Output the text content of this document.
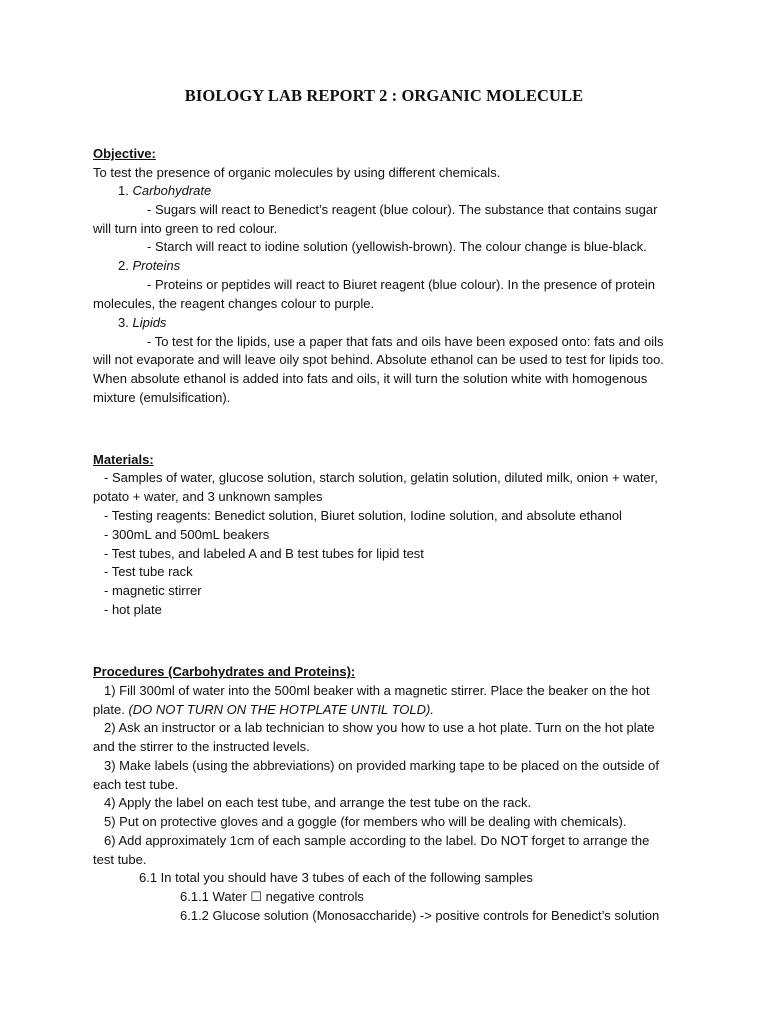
BIOLOGY LAB REPORT 2 : ORGANIC MOLECULE
Objective:
To test the presence of organic molecules by using different chemicals.
1. Carbohydrate
- Sugars will react to Benedict’s reagent (blue colour). The substance that contains sugar
will turn into green to red colour.
- Starch will react to iodine solution (yellowish-brown). The colour change is blue-black.
2. Proteins
- Proteins or peptides will react to Biuret reagent (blue colour). In the presence of protein
molecules, the reagent changes colour to purple.
3. Lipids
- To test for the lipids, use a paper that fats and oils have been exposed onto: fats and oils
will not evaporate and will leave oily spot behind. Absolute ethanol can be used to test for lipids too.
When absolute ethanol is added into fats and oils, it will turn the solution white with homogenous
mixture (emulsification).
Materials:
- Samples of water, glucose solution, starch solution, gelatin solution, diluted milk, onion + water,
potato + water, and 3 unknown samples
- Testing reagents: Benedict solution, Biuret solution, Iodine solution, and absolute ethanol
- 300mL and 500mL beakers
- Test tubes, and labeled A and B test tubes for lipid test
- Test tube rack
- magnetic stirrer
- hot plate
Procedures (Carbohydrates and Proteins):
1) Fill 300ml of water into the 500ml beaker with a magnetic stirrer. Place the beaker on the hot
plate. (DO NOT TURN ON THE HOTPLATE UNTIL TOLD).
2) Ask an instructor or a lab technician to show you how to use a hot plate. Turn on the hot plate
and the stirrer to the instructed levels.
3) Make labels (using the abbreviations) on provided marking tape to be placed on the outside of
each test tube.
4) Apply the label on each test tube, and arrange the test tube on the rack.
5) Put on protective gloves and a goggle (for members who will be dealing with chemicals).
6) Add approximately 1cm of each sample according to the label. Do NOT forget to arrange the
test tube.
6.1 In total you should have 3 tubes of each of the following samples
6.1.1 Water ☐ negative controls
6.1.2 Glucose solution (Monosaccharide) -> positive controls for Benedict’s solution
